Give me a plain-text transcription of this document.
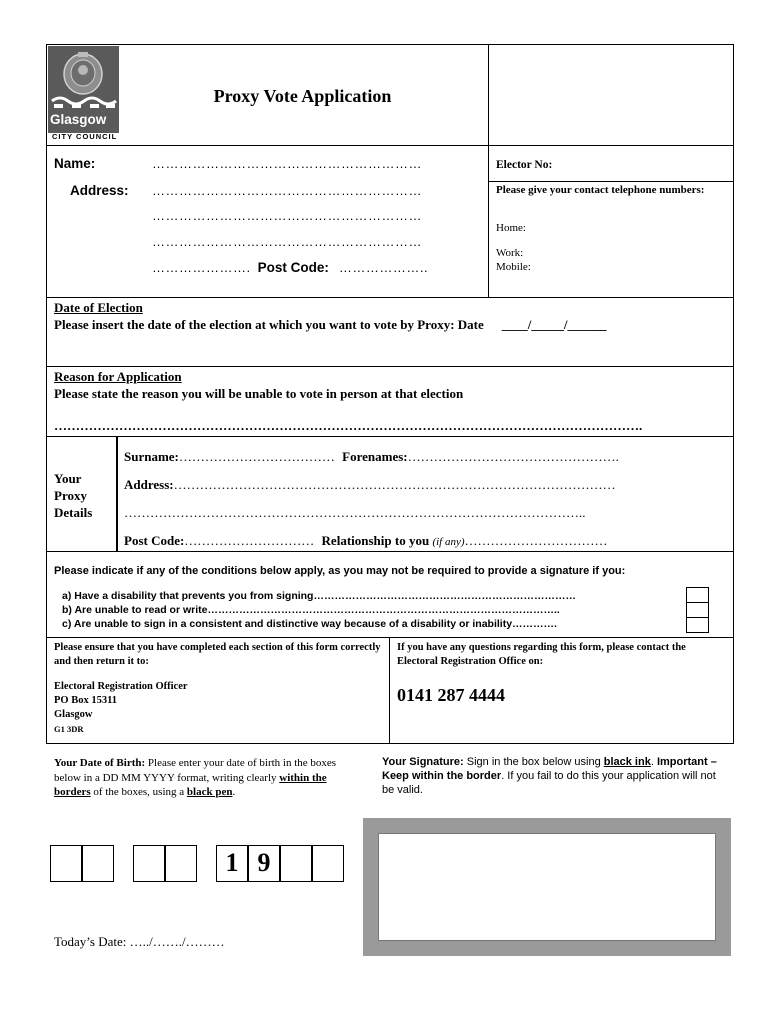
Glasgow
CITY COUNCIL
Proxy Vote Application
Name:	……………………………………………………
Address: ……………………………………………………
……………………………………………………
……………………………………………………
…………………. Post Code: ………………..
Elector No:
Please give your contact telephone numbers:
Home:
Work:
Mobile:
Date of Election
Please insert the date of the election at which you want to vote by Proxy: Date ____/_____/______
Reason for Application
Please state the reason you will be unable to vote in person at that election
……………………………………………………………………………………………………………………….
Your Proxy Details
Surname:……………………………… Forenames:………………………………………….
Address:…………………………………………………………………………………………
……………………………………………………………………………………………..
Post Code:………………………… Relationship to you (if any)……………………………
Please indicate if any of the conditions below apply, as you may not be required to provide a signature if you:
a) Have a disability that prevents you from signing…………………………………………………………………
b) Are unable to read or write………………………………………………………………………………………..
c) Are unable to sign in a consistent and distinctive way because of a disability or inability………….
Please ensure that you have completed each section of this form correctly and then return it to:
Electoral Registration Officer
PO Box 15311
Glasgow
G1 3DR
If you have any questions regarding this form, please contact the Electoral Registration Office on:
0141 287 4444
Your Date of Birth: Please enter your date of birth in the boxes below in a DD MM YYYY format, writing clearly within the borders of the boxes, using a black pen.
1 9
Today’s Date: …../……./………
Your Signature: Sign in the box below using black ink. Important – Keep within the border. If you fail to do this your application will not be valid.
